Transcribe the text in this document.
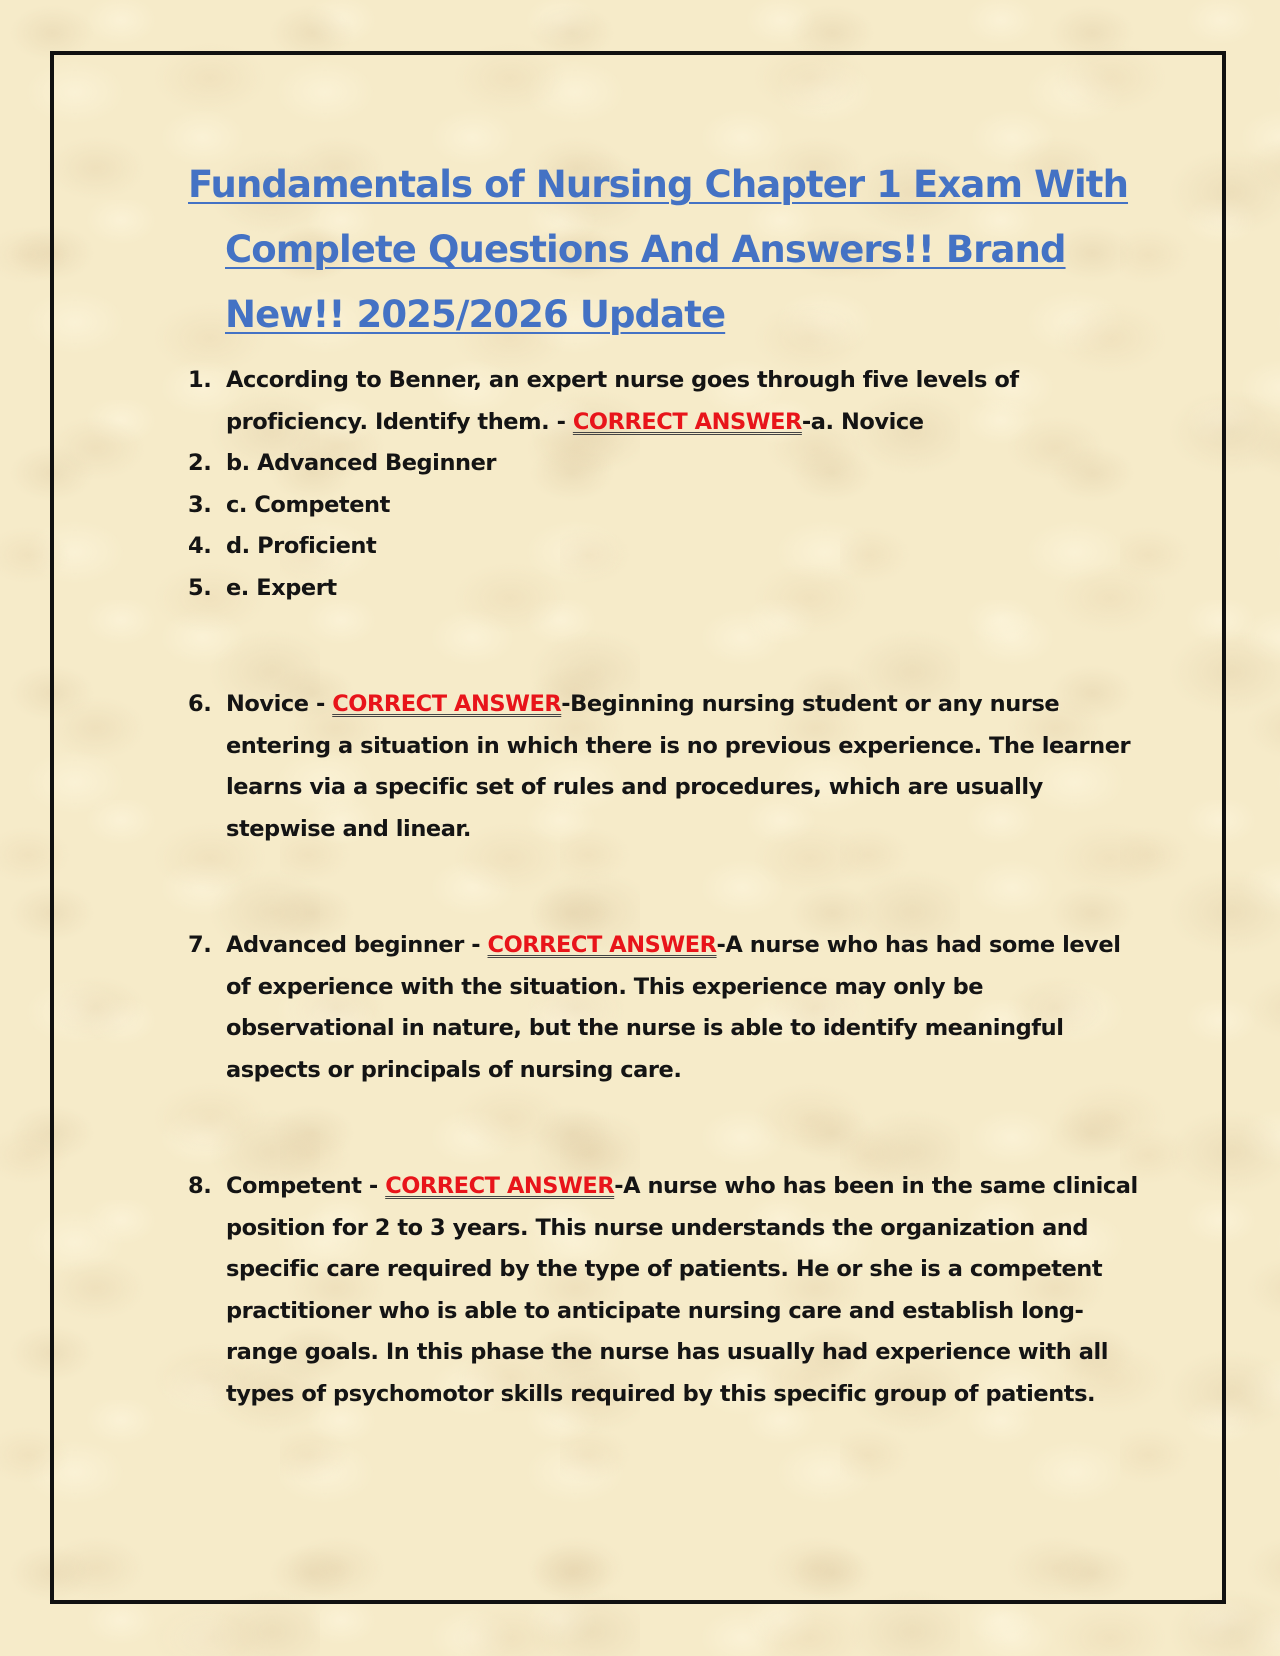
Fundamentals of Nursing Chapter 1 Exam With Complete Questions And Answers!! Brand New!! 2025/2026 Update
1. According to Benner, an expert nurse goes through five levels of proficiency. Identify them. - CORRECT ANSWER-a. Novice
2. b. Advanced Beginner
3. c. Competent
4. d. Proficient
5. e. Expert
6. Novice - CORRECT ANSWER-Beginning nursing student or any nurse entering a situation in which there is no previous experience. The learner learns via a specific set of rules and procedures, which are usually stepwise and linear.
7. Advanced beginner - CORRECT ANSWER-A nurse who has had some level of experience with the situation. This experience may only be observational in nature, but the nurse is able to identify meaningful aspects or principals of nursing care.
8. Competent - CORRECT ANSWER-A nurse who has been in the same clinical position for 2 to 3 years. This nurse understands the organization and specific care required by the type of patients. He or she is a competent practitioner who is able to anticipate nursing care and establish long-range goals. In this phase the nurse has usually had experience with all types of psychomotor skills required by this specific group of patients.
